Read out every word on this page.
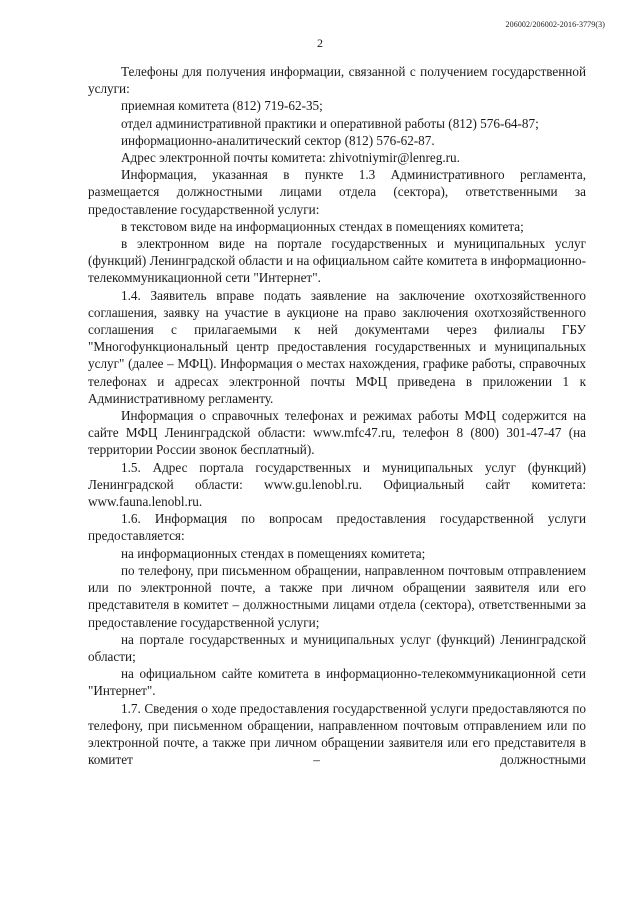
206002/206002-2016-3779(3)
2

Телефоны для получения информации, связанной с получением государственной услуги:

приемная комитета (812) 719-62-35;

отдел административной практики и оперативной работы (812) 576-64-87;

информационно-аналитический сектор (812) 576-62-87.

Адрес электронной почты комитета: zhivotniymir@lenreg.ru.

Информация, указанная в пункте 1.3 Административного регламента, размещается должностными лицами отдела (сектора), ответственными за предоставление государственной услуги:

в текстовом виде на информационных стендах в помещениях комитета;

в электронном виде на портале государственных и муниципальных услуг (функций) Ленинградской области и на официальном сайте комитета в информационно-телекоммуникационной сети "Интернет".

1.4. Заявитель вправе подать заявление на заключение охотхозяйственного соглашения, заявку на участие в аукционе на право заключения охотхозяйственного соглашения с прилагаемыми к ней документами через филиалы ГБУ "Многофункциональный центр предоставления государственных и муниципальных услуг" (далее – МФЦ). Информация о местах нахождения, графике работы, справочных телефонах и адресах электронной почты МФЦ приведена в приложении 1 к Административному регламенту.

Информация о справочных телефонах и режимах работы МФЦ содержится на сайте МФЦ Ленинградской области: www.mfc47.ru, телефон 8 (800) 301-47-47 (на территории России звонок бесплатный).

1.5. Адрес портала государственных и муниципальных услуг (функций) Ленинградской области: www.gu.lenobl.ru. Официальный сайт комитета: www.fauna.lenobl.ru.

1.6. Информация по вопросам предоставления государственной услуги предоставляется:

на информационных стендах в помещениях комитета;

по телефону, при письменном обращении, направленном почтовым отправлением или по электронной почте, а также при личном обращении заявителя или его представителя в комитет – должностными лицами отдела (сектора), ответственными за предоставление государственной услуги;

на портале государственных и муниципальных услуг (функций) Ленинградской области;

на официальном сайте комитета в информационно-телекоммуникационной сети "Интернет".

1.7. Сведения о ходе предоставления государственной услуги предоставляются по телефону, при письменном обращении, направленном почтовым отправлением или по электронной почте, а также при личном обращении заявителя или его представителя в комитет – должностными
